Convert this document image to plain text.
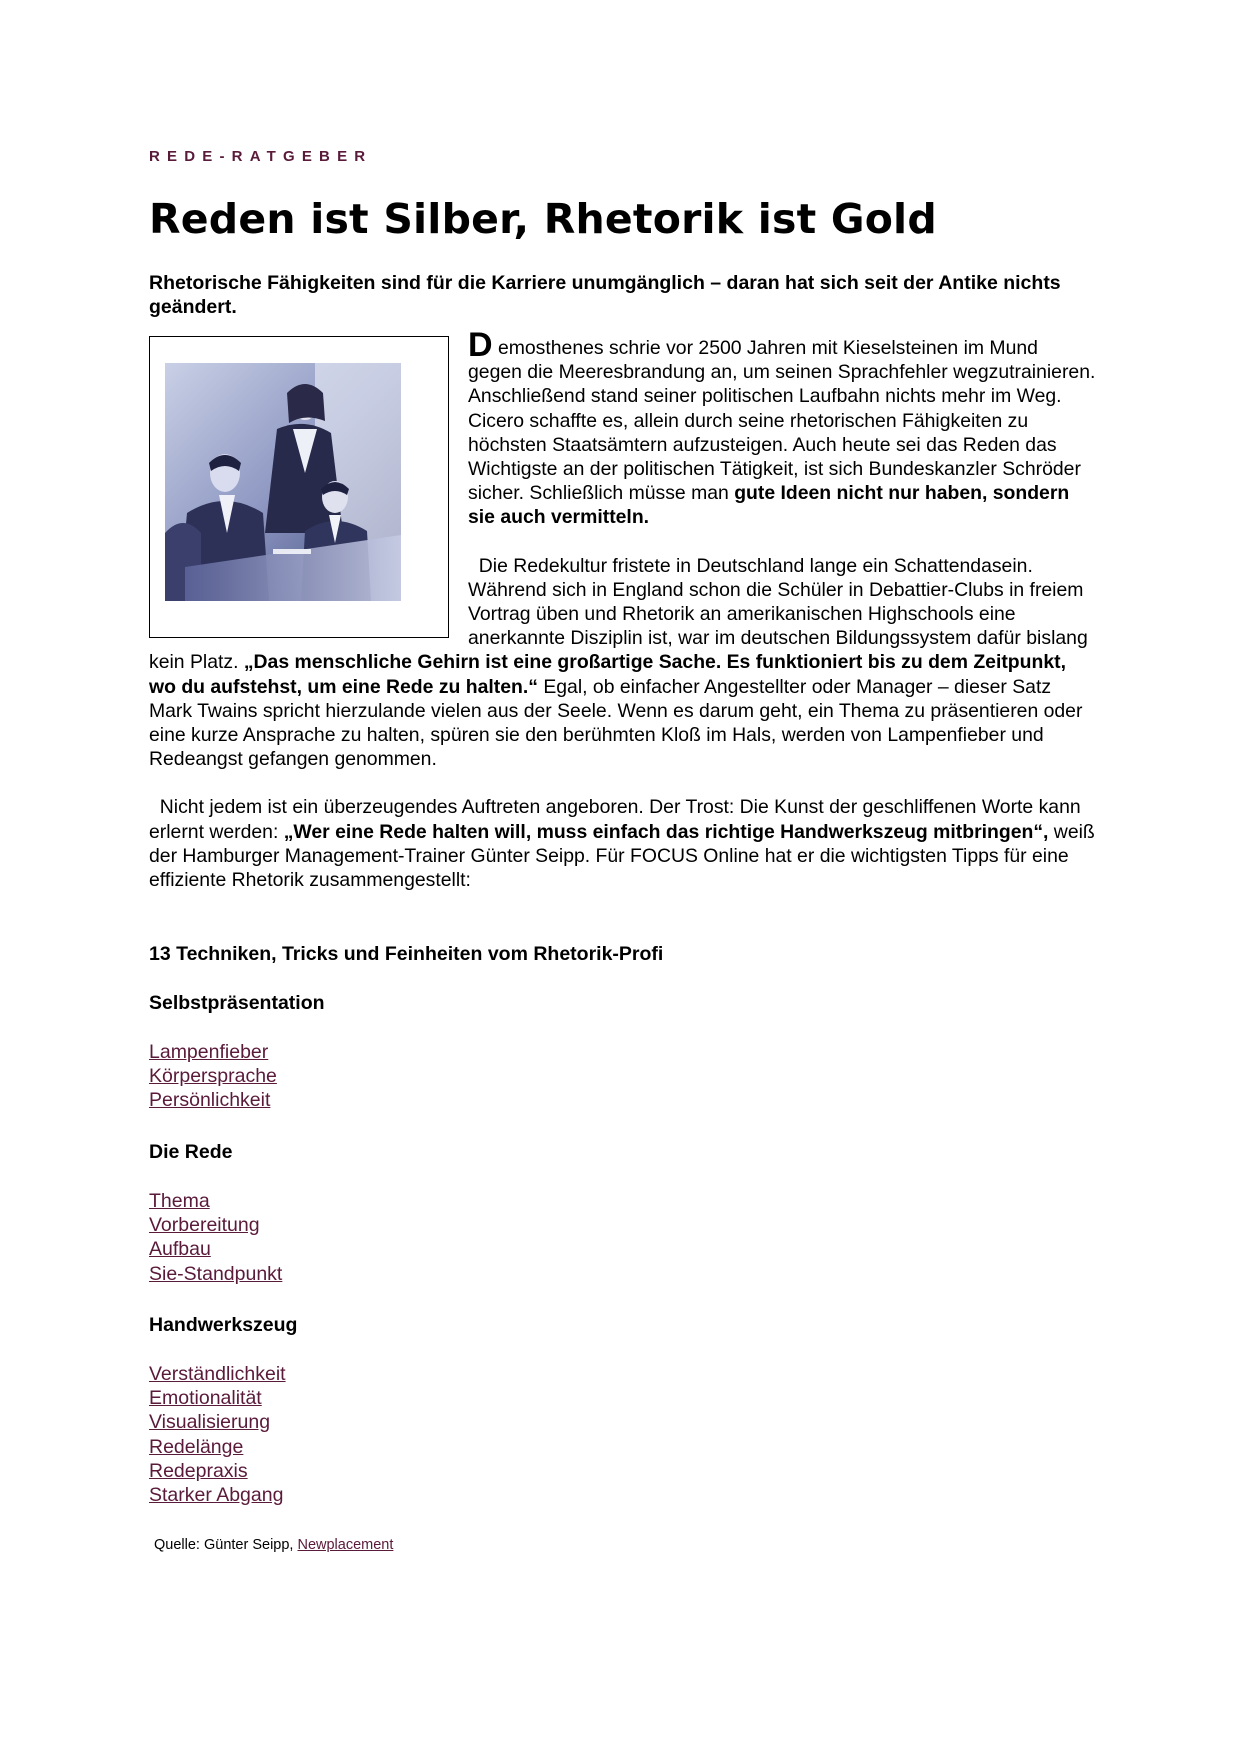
REDE-RATGEBER
Reden ist Silber, Rhetorik ist Gold

Rhetorische Fähigkeiten sind für die Karriere unumgänglich – daran hat sich seit der Antike nichts geändert.

D emosthenes schrie vor 2500 Jahren mit Kieselsteinen im Mund gegen die Meeresbrandung an, um seinen Sprachfehler wegzutrainieren. Anschließend stand seiner politischen Laufbahn nichts mehr im Weg. Cicero schaffte es, allein durch seine rhetorischen Fähigkeiten zu höchsten Staatsämtern aufzusteigen. Auch heute sei das Reden das Wichtigste an der politischen Tätigkeit, ist sich Bundeskanzler Schröder sicher. Schließlich müsse man gute Ideen nicht nur haben, sondern sie auch vermitteln.

Die Redekultur fristete in Deutschland lange ein Schattendasein. Während sich in England schon die Schüler in Debattier-Clubs in freiem Vortrag üben und Rhetorik an amerikanischen Highschools eine anerkannte Disziplin ist, war im deutschen Bildungssystem dafür bislang kein Platz. „Das menschliche Gehirn ist eine großartige Sache. Es funktioniert bis zu dem Zeitpunkt, wo du aufstehst, um eine Rede zu halten.“ Egal, ob einfacher Angestellter oder Manager – dieser Satz Mark Twains spricht hierzulande vielen aus der Seele. Wenn es darum geht, ein Thema zu präsentieren oder eine kurze Ansprache zu halten, spüren sie den berühmten Kloß im Hals, werden von Lampenfieber und Redeangst gefangen genommen.

Nicht jedem ist ein überzeugendes Auftreten angeboren. Der Trost: Die Kunst der geschliffenen Worte kann erlernt werden: „Wer eine Rede halten will, muss einfach das richtige Handwerkszeug mitbringen“, weiß der Hamburger Management-Trainer Günter Seipp. Für FOCUS Online hat er die wichtigsten Tipps für eine effiziente Rhetorik zusammengestellt:

13 Techniken, Tricks und Feinheiten vom Rhetorik-Profi
Selbstpräsentation
Lampenfieber
Körpersprache
Persönlichkeit
Die Rede
Thema
Vorbereitung
Aufbau
Sie-Standpunkt
Handwerkszeug
Verständlichkeit
Emotionalität
Visualisierung
Redelänge
Redepraxis
Starker Abgang
Quelle: Günter Seipp, Newplacement
